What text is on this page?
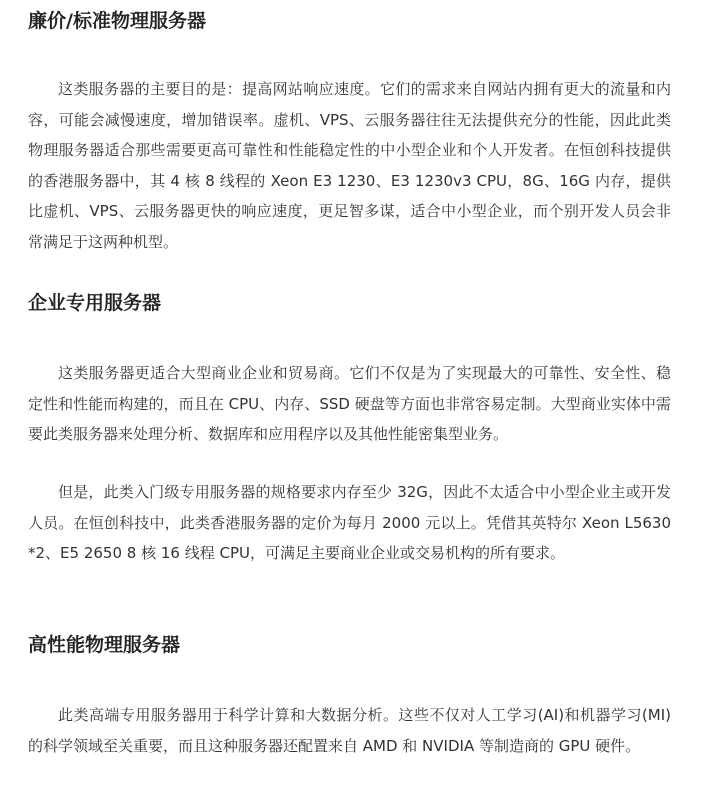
廉价/标准物理服务器

这类服务器的主要目的是：提高网站响应速度。它们的需求来自网站内拥有更大的流量和内容，可能会减慢速度，增加错误率。虚机、VPS、云服务器往往无法提供充分的性能，因此此类物理服务器适合那些需要更高可靠性和性能稳定性的中小型企业和个人开发者。在恒创科技提供的香港服务器中，其 4 核 8 线程的 Xeon E3 1230、E3 1230v3 CPU，8G、16G 内存，提供比虚机、VPS、云服务器更快的响应速度，更足智多谋，适合中小型企业，而个别开发人员会非常满足于这两种机型。

企业专用服务器

这类服务器更适合大型商业企业和贸易商。它们不仅是为了实现最大的可靠性、安全性、稳定性和性能而构建的，而且在 CPU、内存、SSD 硬盘等方面也非常容易定制。大型商业实体中需要此类服务器来处理分析、数据库和应用程序以及其他性能密集型业务。

但是，此类入门级专用服务器的规格要求内存至少 32G，因此不太适合中小型企业主或开发人员。在恒创科技中，此类香港服务器的定价为每月 2000 元以上。凭借其英特尔 Xeon L5630*2、E5 2650 8 核 16 线程 CPU，可满足主要商业企业或交易机构的所有要求。

高性能物理服务器

此类高端专用服务器用于科学计算和大数据分析。这些不仅对人工学习(AI)和机器学习(MI) 的科学领域至关重要，而且这种服务器还配置来自 AMD 和 NVIDIA 等制造商的 GPU 硬件。
